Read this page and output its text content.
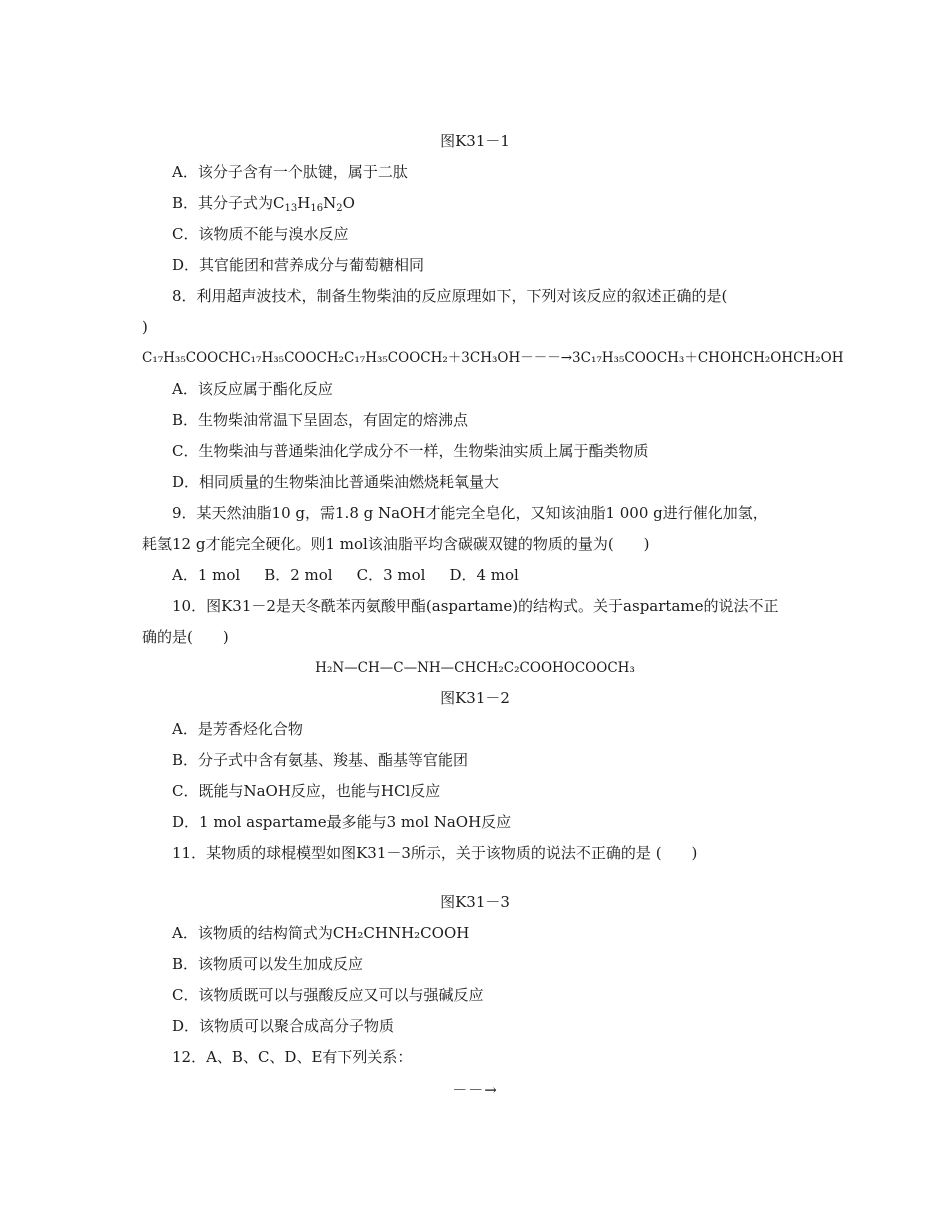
图K31－1
A．该分子含有一个肽键，属于二肽
B．其分子式为$C_{13}H_{16}N_2O$
C．该物质不能与溴水反应
D．其官能团和营养成分与葡萄糖相同
8．利用超声波技术，制备生物柴油的反应原理如下，下列对该反应的叙述正确的是(
)
C₁₇H₃₅COOCHC₁₇H₃₅COOCH₂C₁₇H₃₅COOCH₂＋3CH₃OH－－－→3C₁₇H₃₅COOCH₃＋CHOHCH₂OHCH₂OH
A．该反应属于酯化反应
B．生物柴油常温下呈固态，有固定的熔沸点
C．生物柴油与普通柴油化学成分不一样，生物柴油实质上属于酯类物质
D．相同质量的生物柴油比普通柴油燃烧耗氧量大
9．某天然油脂10 g，需1.8 g NaOH才能完全皂化，又知该油脂1 000 g进行催化加氢，
耗氢12 g才能完全硬化。则1 mol该油脂平均含碳碳双键的物质的量为(　　)
A．1 mol B．2 mol C．3 mol D．4 mol
10．图K31－2是天冬酰苯丙氨酸甲酯(aspartame)的结构式。关于aspartame的说法不正
确的是(　　)
H₂N—CH—C—NH—CHCH₂C₂COOHOCOOCH₃
图K31－2
A．是芳香烃化合物
B．分子式中含有氨基、羧基、酯基等官能团
C．既能与NaOH反应，也能与HCl反应
D．1 mol aspartame最多能与3 mol NaOH反应
11．某物质的球棍模型如图K31－3所示，关于该物质的说法不正确的是 (　　)
图K31－3
A．该物质的结构简式为CH₂CHNH₂COOH
B．该物质可以发生加成反应
C．该物质既可以与强酸反应又可以与强碱反应
D．该物质可以聚合成高分子物质
12．A、B、C、D、E有下列关系：
－－→
